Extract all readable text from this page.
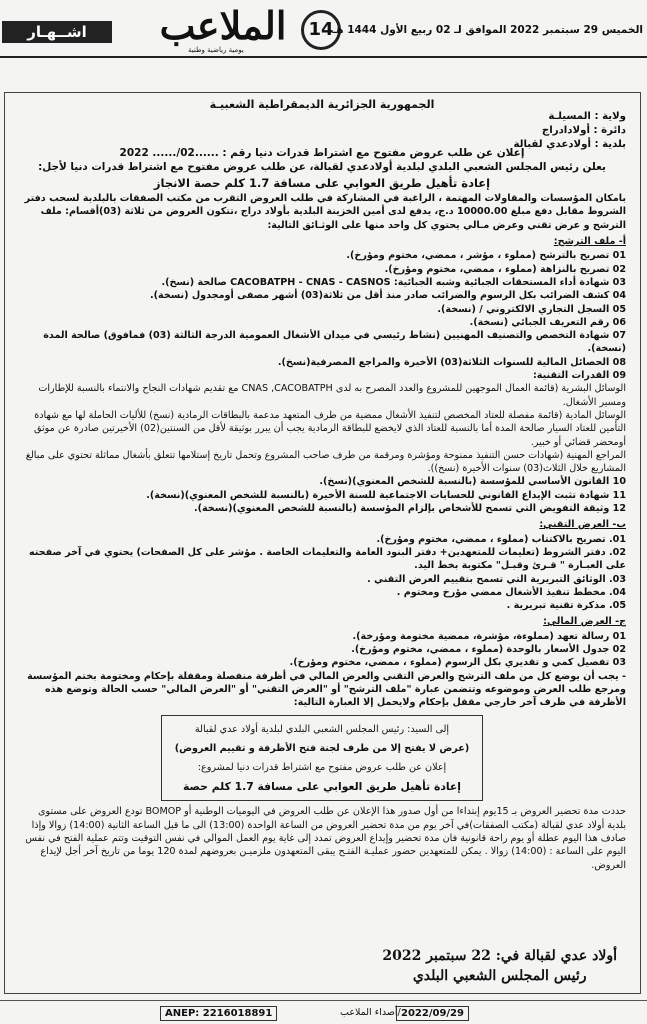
اشــهـار	الملاعب
يومية رياضية وطنية
14 الخميس 29 سبتمبر 2022 الموافق لـ 02 ربيع الأول 1444 هـ
الجمهورية الجزائرية الديمقراطية الشعبيـة
ولاية : المسيلـة
دائرة : أولادادراج
بلدية : أولادعدي لقبالة
إعلان عن طلب عروض مفتوح مع اشتراط قدرات دنيا رقم : ......02/...... 2022
يعلن رئيس المجلس الشعبي البلدي لبلدية أولادعدي لقبالة، عن طلب عروض مفتوح مع اشتراط قدرات دنيا لأجل:
إعادة تأهيل طريق العوابي على مسافة 1.7 كلم حصة الانجاز

بامكان المؤسسات والمقاولات المهتمة ، الراغبة في المشاركة في طلب العروض التقرب من مكتب الصفقات بالبلدية لسحب دفتر الشروط مقابل دفع مبلغ 10000.00 د.ج، يدفع لدى أمين الخزينة البلدية بأولاد دراج ،تتكون العروض من ثلاثة (03)أقسام: ملف الترشح و عرض تقني وعرض مـالي يحتوي كل واحد منها على الوثـائق التالية:

أ- ملف الترشح:

01 تصريح بالترشح (مملوء ، مؤشر ، ممضي، مختوم ومؤرخ).

02 تصريح بالنزاهة (مملوء ، ممضي، مختوم ومؤرخ).

03 شهادة أداء المستحقات الجبائية وشبه الجبائية: CACOBATPH - CNAS - CASNOS صالحة (نسخ).

04 كشف الضرائب بكل الرسوم والضرائب صادر منذ أقل من ثلاثة(03) أشهر مصفى أومجدول (نسخة).

05 السجل التجاري الالكتروني / (نسخة).

06 رقم التعريف الجبائي (نسخة).

07 شهادة التخصص والتصنيف المهنيين (نشاط رئيسي في ميدان الأشغال العمومية الدرجة الثالثة (03) فمافوق) صالحة المدة (نسخة).

08 الحصائل المالية للسنوات الثلاثة(03) الأخيرة والمراجع المصرفية(نسخ).

09 القدرات التقنية:

الوسائل البشرية (قائمة العمال الموجهين للمشروع والعدد المصرح به لدى CNAS ,CACOBATPH مع تقديم شهادات النجاح والانتماء بالنسبة للإطارات ومسير الأشغال.

الوسائل المادية (قائمة مفصلة للعتاد المخصص لتنفيذ الأشغال ممضية من طرف المتعهد مدعمة بالبطاقات الرمادية (نسخ) للأليات الحاملة لها مع شهادة التأمين للعتاد السيار صالحة المدة أما بالنسبة للعتاد الذي لايخضع للبطاقة الرمادية يجب أن يبرر بوثيقة لأقل من السنتين(02) الأخيرتين صادرة عن موثق أومحضر قضائي أو خبير.

المراجع المهنية (شهادات حسن التنفيذ ممنوحة ومؤشرة ومرقمة من طرف صاحب المشروع وتحمل تاريخ إستلامها تتعلق بأشغال مماثلة تحتوي على مبالغ المشاريع خلال الثلاث(03) سنوات الأخيرة (نسخ)).

10 القانون الأساسي للمؤسسة (بالنسبة للشخص المعنوي)(نسخ).

11 شهادة تثبت الإيداع القانوني للحسابات الاجتماعية للسنة الأخيرة (بالنسبة للشخص المعنوي)(نسخة).

12 وثيقة التفويض التي تسمح للأشخاص بإلزام المؤسسة (بالنسبة للشخص المعنوي)(نسخة).

ب- العرض التقني:

01. تصريح بالاكتتاب (مملوء ، ممضي، مختوم ومؤرخ).

02. دفتر الشروط (تعليمات للمتعهدين+ دفتر البنود العامة والتعليمات الخاصة . مؤشر على كل الصفحات) يحتوي في آخر صفحته على العبـارة " قـرئ وقبـل" مكتوبة بخط اليد.

03. الوثائق التبريرية التي تسمح بتقييم العرض التقني .

04. مخطط تنفيذ الأشغال ممضي مؤرخ ومختوم .

05. مذكرة تقنية تبريرية .

ج- العرض المالي:

01 رسالة تعهد (مملوءة، مؤشرة، ممضية مختومة ومؤرخة).

02 جدول الأسعار بالوحدة (مملوء ، ممضي، مختوم ومؤرخ).

03 تفصيل كمي و تقديري بكل الرسوم (مملوء ، ممضي، مختوم ومؤرخ).

- يجب أن يوضع كل من ملف الترشح والعرض التقني والعرض المالي في أظرفة منفصلة ومقفلة بإحكام ومختومة بختم المؤسسة ومرجع طلب العرض وموضوعه وتتضمن عبارة "ملف الترشح" أو "العرض التقني" أو "العرض المالي" حسب الحالة وتوضع هذه الأظرفة في ظرف آخر خارجي مقفل بإحكام ولايحمل إلا العبارة التالية:

إلى السيد: رئيس المجلس الشعبي البلدي لبلدية أولاد عدي لقبالة
(عرض لا يفتح إلا من طرف لجنة فتح الأظرفة و تقييم العروض)
إعلان عن طلب عروض مفتوح مع اشتراط قدرات دنيا لمشروع:
إعادة تأهيل طريق العوابي على مسافة 1.7 كلم حصة

حددت مدة تحضير العروض بـ 15يوم إبتداءا من أول صدور هذا الإعلان عن طلب العروض في اليوميات الوطنية أو BOMOP تودع العروض على مستوى بلدية أولاد عدي لقبالة (مكتب الصفقات)في آخر يوم من مدة تحضير العروض من الساعة الواحدة (13:00) الى ما قبل الساعة الثانية (14:00) زوالا وإذا صادف هذا اليوم عطلة أو يوم راحة قانونية فان مدة تحضير وإيداع العروض تمدد إلى غاية يوم العمل الموالي في نفس التوقيت وتتم عملية الفتح في نفس اليوم على الساعة : (14:00) زوالا . يمكن للمتعهدين حضور عمليـة الفتـح يبقى المتعهدون ملزميـن بعروضهم لمدة 120 يوما من تاريخ آخر أجل لإيداع العروض.

أولاد عدي لقبالة في: 22 سبتمبر 2022
رئيس المجلس الشعبي البلدي
ANEP: 2216018891	/أصداء الملاعب 2022/09/29
